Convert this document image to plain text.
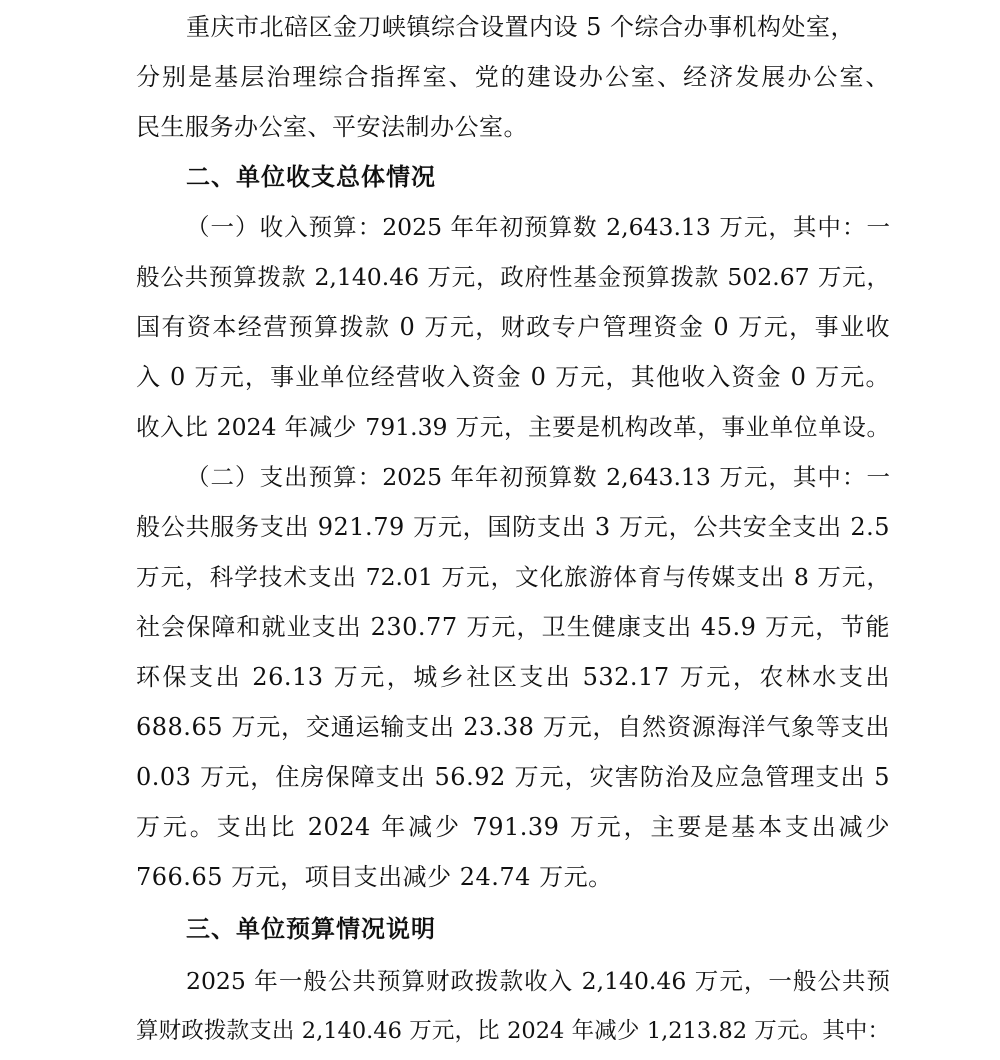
重庆市北碚区金刀峡镇综合设置内设 5 个综合办事机构处室，
分别是基层治理综合指挥室、党的建设办公室、经济发展办公室、
民生服务办公室、平安法制办公室。
二、单位收支总体情况
（一）收入预算：2025 年年初预算数 2,643.13 万元，其中：一
般公共预算拨款 2,140.46 万元，政府性基金预算拨款 502.67 万元，
国有资本经营预算拨款 0 万元，财政专户管理资金 0 万元，事业收
入 0 万元，事业单位经营收入资金 0 万元，其他收入资金 0 万元。
收入比 2024 年减少 791.39 万元，主要是机构改革，事业单位单设。
（二）支出预算：2025 年年初预算数 2,643.13 万元，其中：一
般公共服务支出 921.79 万元，国防支出 3 万元，公共安全支出 2.5
万元，科学技术支出 72.01 万元，文化旅游体育与传媒支出 8 万元，
社会保障和就业支出 230.77 万元，卫生健康支出 45.9 万元，节能
环保支出 26.13 万元，城乡社区支出 532.17 万元，农林水支出
688.65 万元，交通运输支出 23.38 万元，自然资源海洋气象等支出
0.03 万元，住房保障支出 56.92 万元，灾害防治及应急管理支出 5
万元。支出比 2024 年减少 791.39 万元，主要是基本支出减少
766.65 万元，项目支出减少 24.74 万元。
三、单位预算情况说明
2025 年一般公共预算财政拨款收入 2,140.46 万元，一般公共预
算财政拨款支出 2,140.46 万元，比 2024 年减少 1,213.82 万元。其中：
